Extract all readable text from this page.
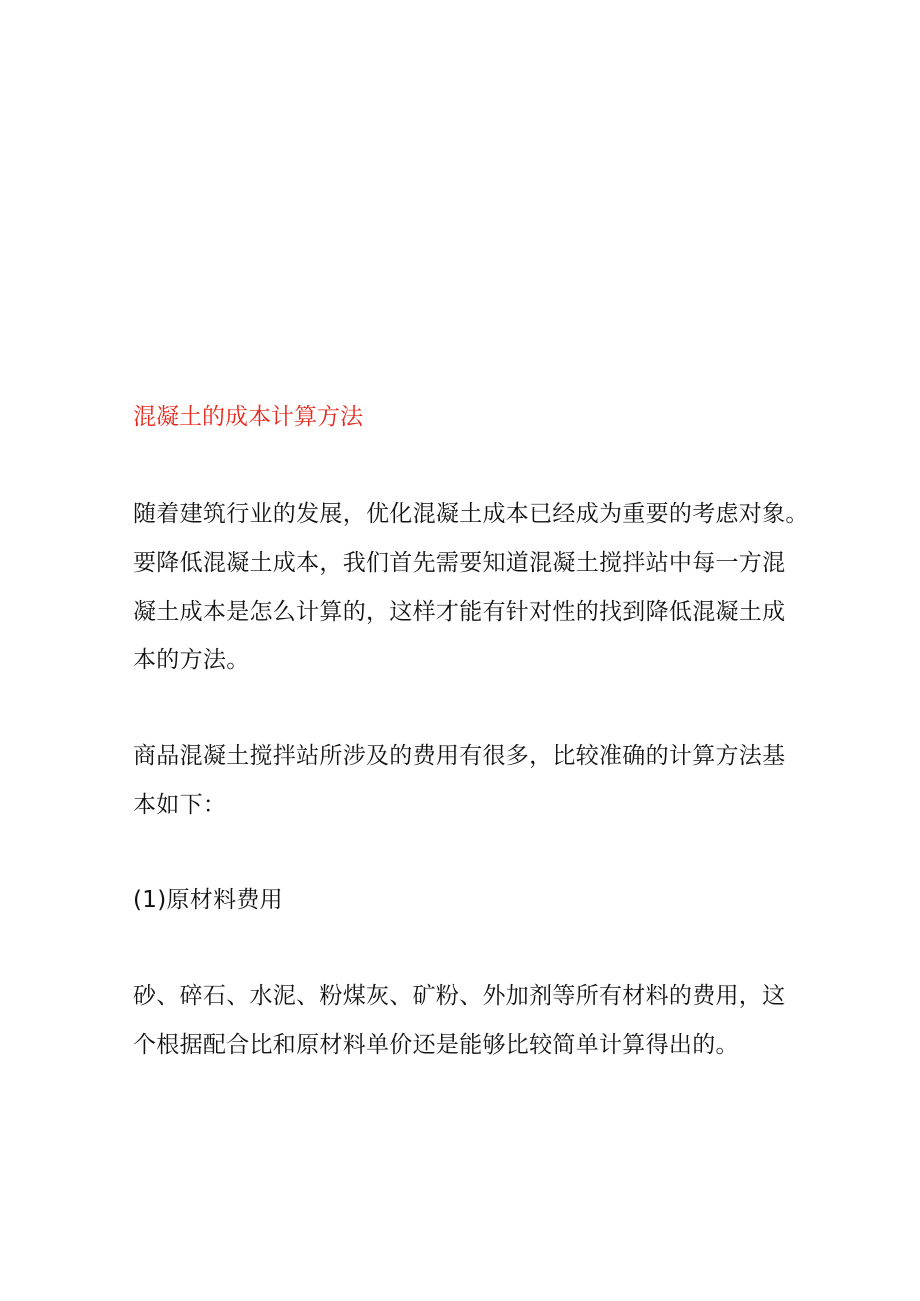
混凝土的成本计算方法
随着建筑行业的发展，优化混凝土成本已经成为重要的考虑对象。
要降低混凝土成本，我们首先需要知道混凝土搅拌站中每一方混
凝土成本是怎么计算的，这样才能有针对性的找到降低混凝土成
本的方法。
商品混凝土搅拌站所涉及的费用有很多，比较准确的计算方法基
本如下：
(1)原材料费用
砂、碎石、水泥、粉煤灰、矿粉、外加剂等所有材料的费用，这
个根据配合比和原材料单价还是能够比较简单计算得出的。
